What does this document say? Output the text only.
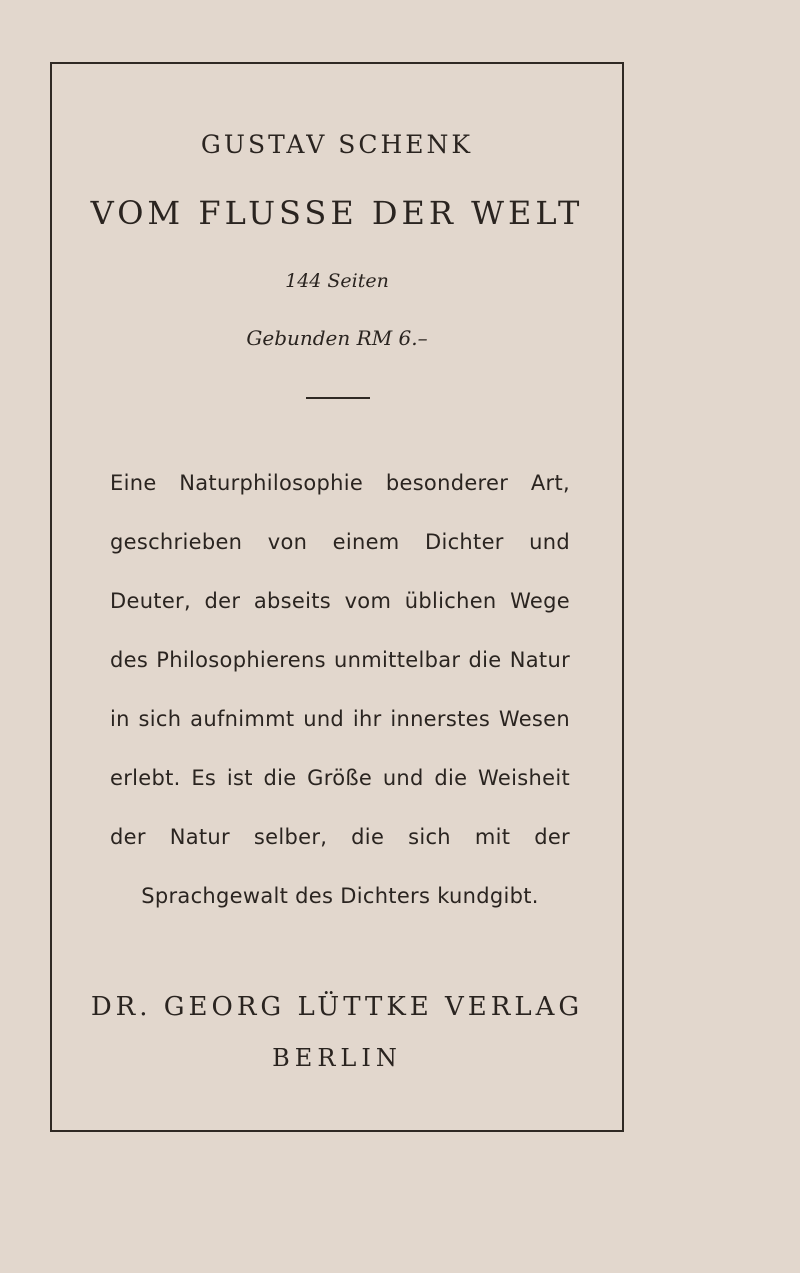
GUSTAV SCHENK
VOM FLUSSE DER WELT
144 Seiten
Gebunden RM 6.–
Eine Naturphilosophie besonderer Art, geschrieben von einem Dichter und Deuter, der abseits vom üblichen Wege des Philosophierens unmittelbar die Natur in sich aufnimmt und ihr innerstes Wesen erlebt. Es ist die Größe und die Weisheit der Natur selber, die sich mit der Sprachgewalt des Dichters kundgibt.
DR. GEORG LÜTTKE VERLAG
BERLIN
